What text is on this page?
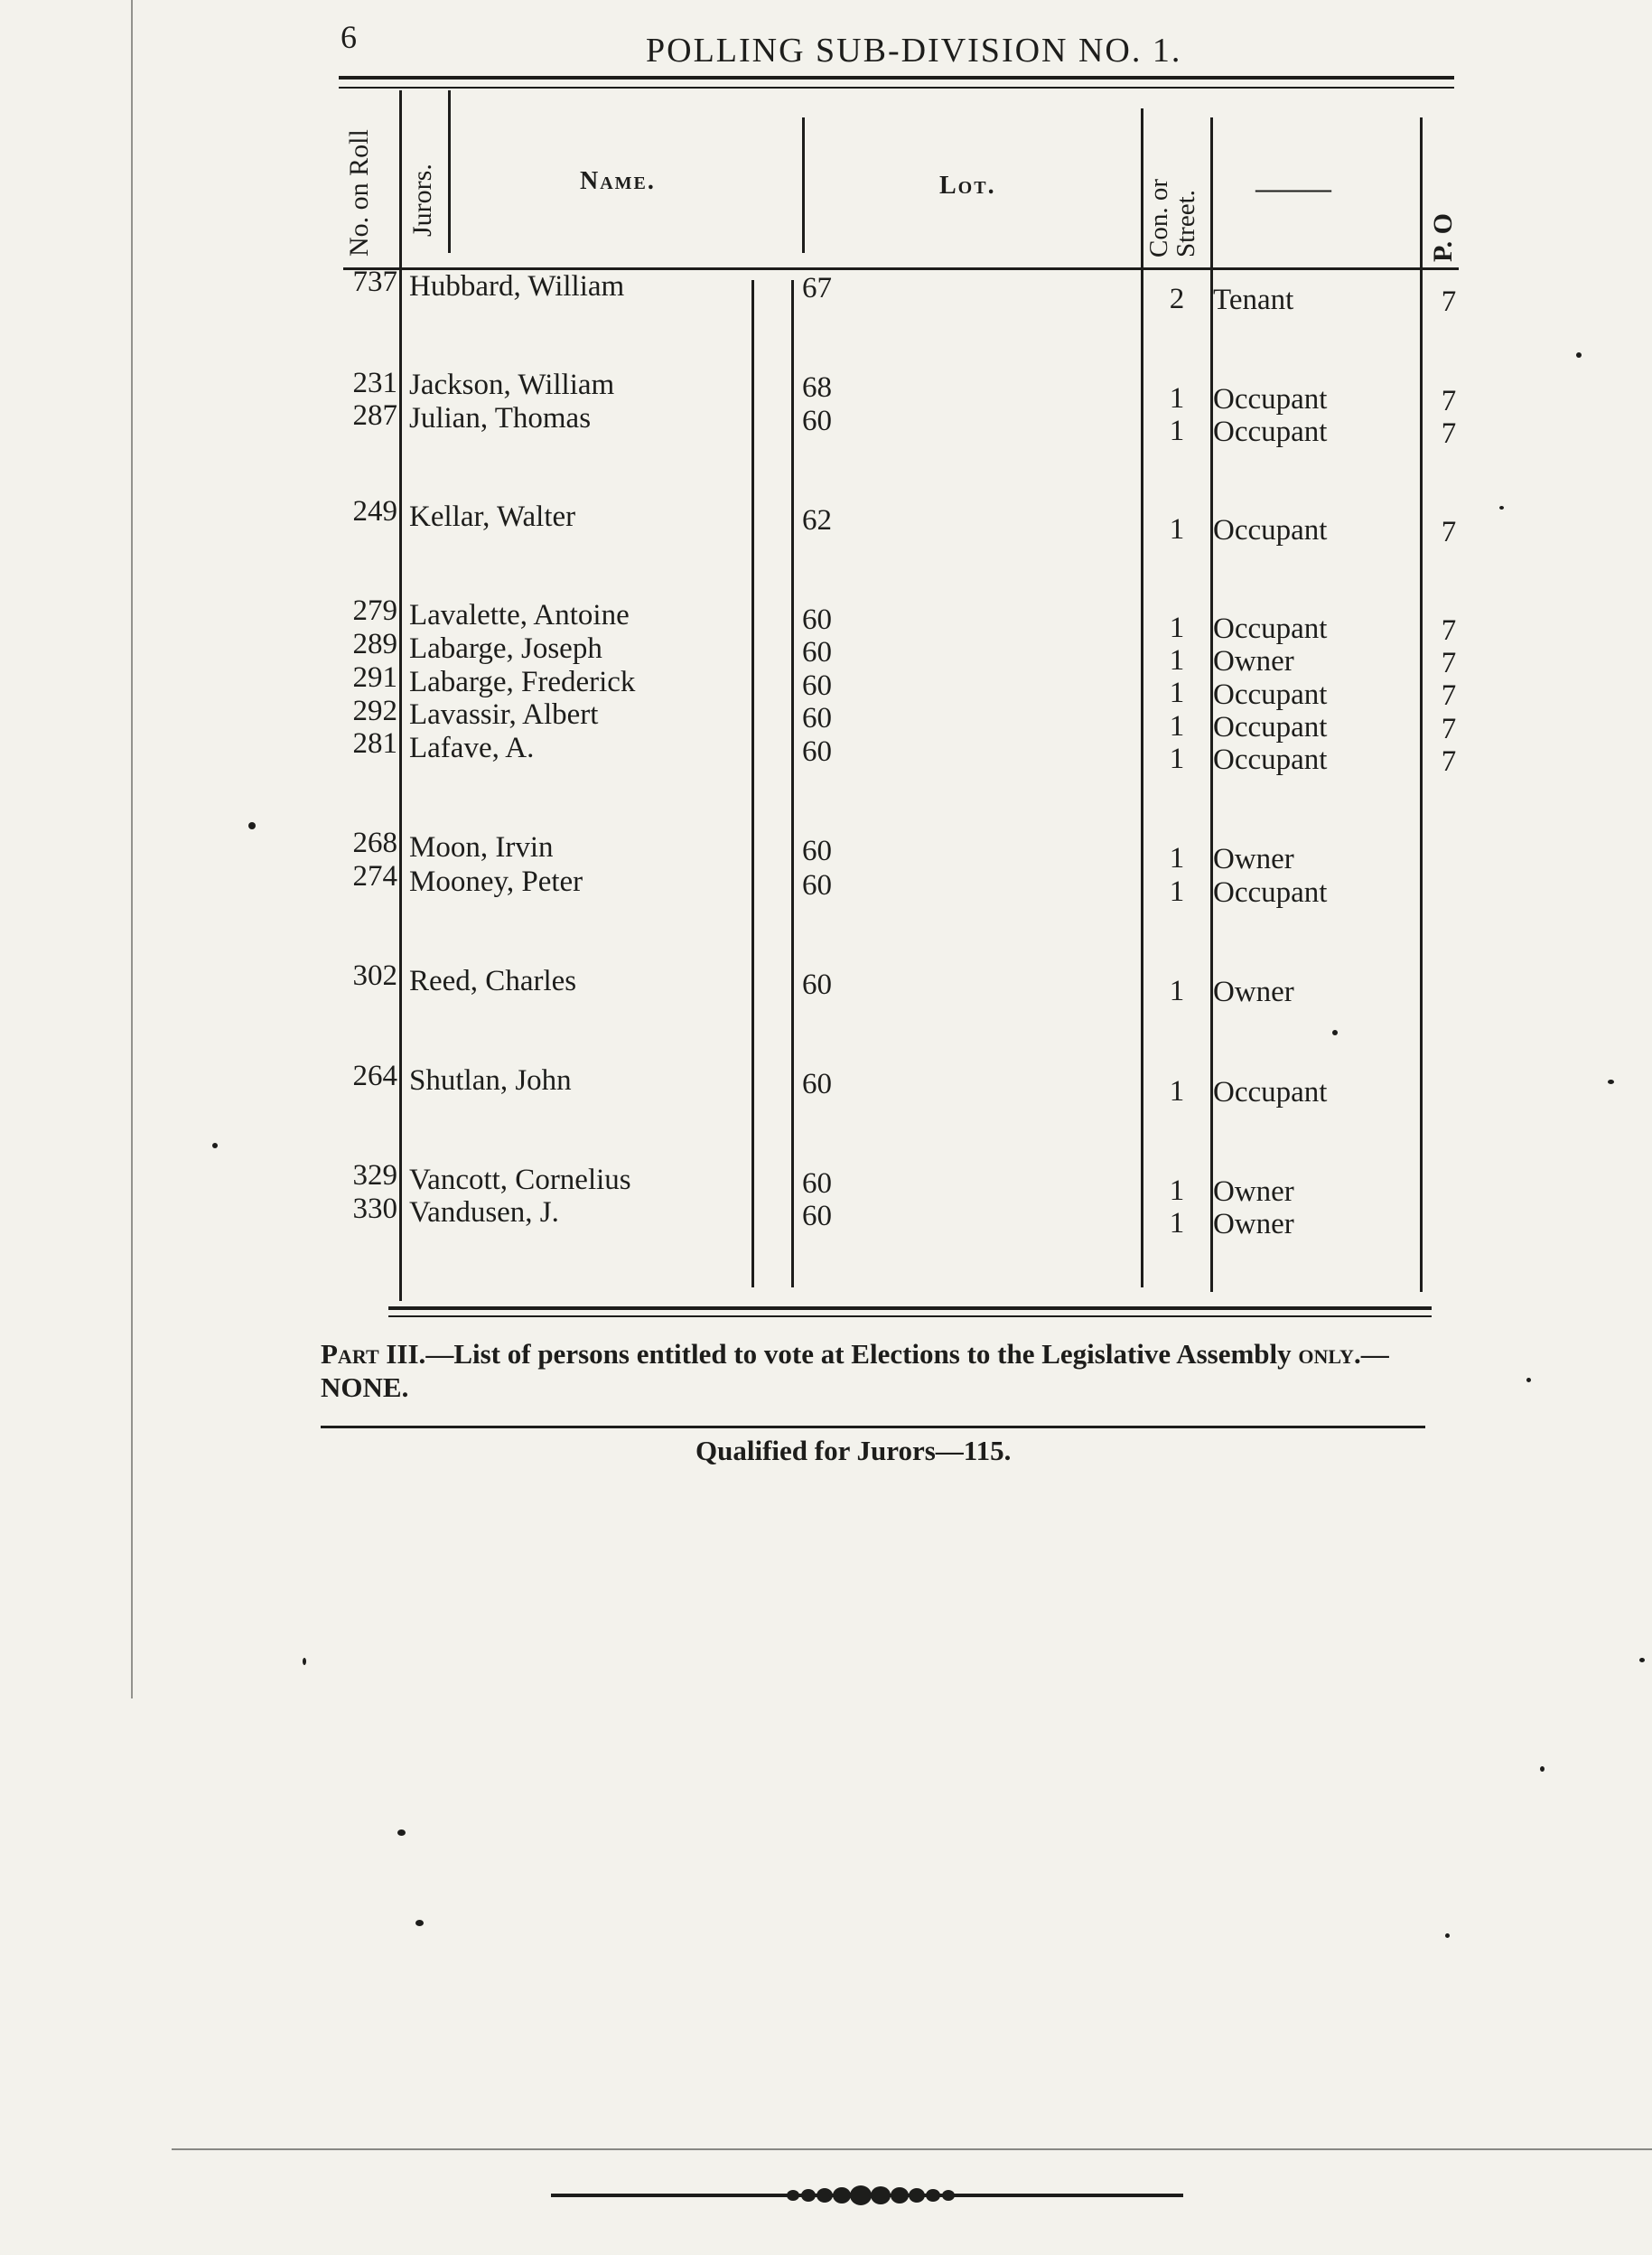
6	POLLING SUB-DIVISION NO. 1.
No. on Roll Jurors.	Name.	Lot.	Con. or Street.
———
P. O
737 Hubbard, William	67	2 Tenant	7
231 Jackson, William	68	1 Occupant	7
287 Julian, Thomas	60	1 Occupant	7
249 Kellar, Walter	62	1 Occupant	7
279 Lavalette, Antoine	60	1 Occupant	7
289 Labarge, Joseph	60	1 Owner	7
291 Labarge, Frederick	60	1 Occupant	7
292 Lavassir, Albert	60	1 Occupant	7
281 Lafave, A.	60	1 Occupant	7
268 Moon, Irvin	60	1 Owner
274 Mooney, Peter	60	1 Occupant
302 Reed, Charles	60	1 Owner
264 Shutlan, John	60	1 Occupant
329 Vancott, Cornelius	60	1 Owner
330 Vandusen, J.	60	1 Owner
Part III.—List of persons entitled to vote at Elections to the Legislative Assembly only.—NONE.
Qualified for Jurors—115.
